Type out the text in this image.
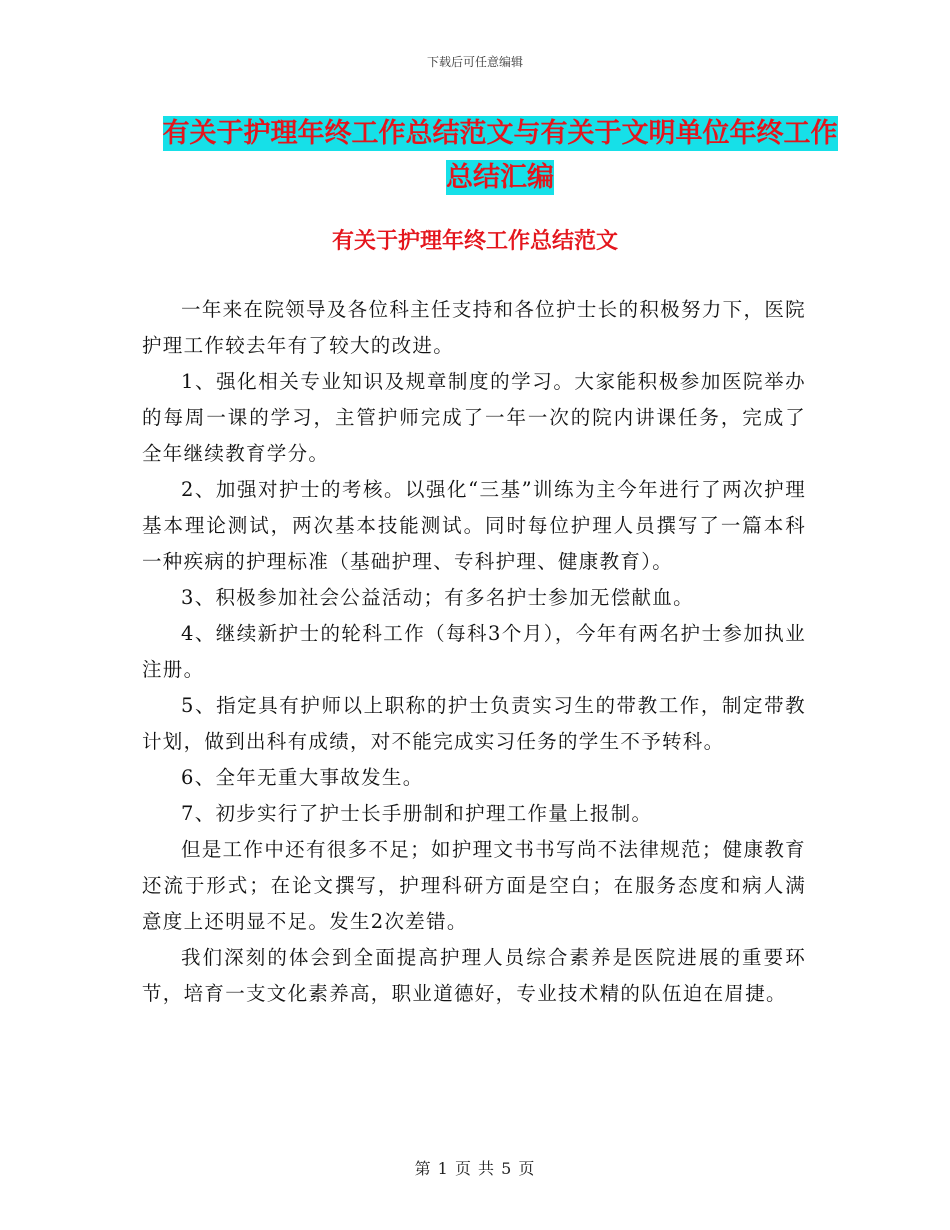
下载后可任意编辑
有关于护理年终工作总结范文与有关于文明单位年终工作总结汇编
有关于护理年终工作总结范文

一年来在院领导及各位科主任支持和各位护士长的积极努力下，医院护理工作较去年有了较大的改进。

1、强化相关专业知识及规章制度的学习。大家能积极参加医院举办的每周一课的学习，主管护师完成了一年一次的院内讲课任务，完成了全年继续教育学分。

2、加强对护士的考核。以强化“三基”训练为主今年进行了两次护理基本理论测试，两次基本技能测试。同时每位护理人员撰写了一篇本科一种疾病的护理标准（基础护理、专科护理、健康教育）。

3、积极参加社会公益活动；有多名护士参加无偿献血。

4、继续新护士的轮科工作（每科3个月），今年有两名护士参加执业注册。

5、指定具有护师以上职称的护士负责实习生的带教工作，制定带教计划，做到出科有成绩，对不能完成实习任务的学生不予转科。

6、全年无重大事故发生。

7、初步实行了护士长手册制和护理工作量上报制。

但是工作中还有很多不足；如护理文书书写尚不法律规范；健康教育还流于形式；在论文撰写，护理科研方面是空白；在服务态度和病人满意度上还明显不足。发生2次差错。

我们深刻的体会到全面提高护理人员综合素养是医院进展的重要环节，培育一支文化素养高，职业道德好，专业技术精的队伍迫在眉捷。

第 1 页 共 5 页
